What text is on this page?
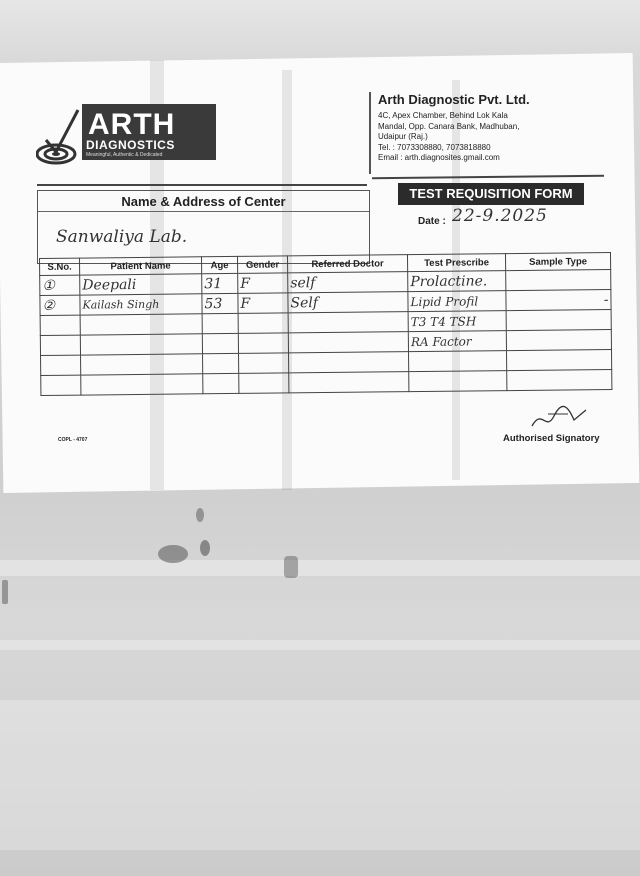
ARTH
DIAGNOSTICS
Meaningful, Authentic & Dedicated
Arth Diagnostic Pvt. Ltd.
4C, Apex Chamber, Behind Lok Kala
Mandal, Opp. Canara Bank, Madhuban,
Udaipur (Raj.)
Tel. : 7073308880, 7073818880
Email : arth.diagnosites.gmail.com
Name & Address of Center
Sanwaliya Lab.
TEST REQUISITION FORM
Date : 22-9.2025
S.No.	Patient Name	Age	Gender	Referred Doctor	Test Prescribe	Sample Type
①	Deepali	31	F	self	Prolactine.	
②	Kailash Singh	53	F	Self	Lipid Profil	-
					T3 T4 TSH	
					RA Factor	

COPL - 4707	Authorised Signatory
